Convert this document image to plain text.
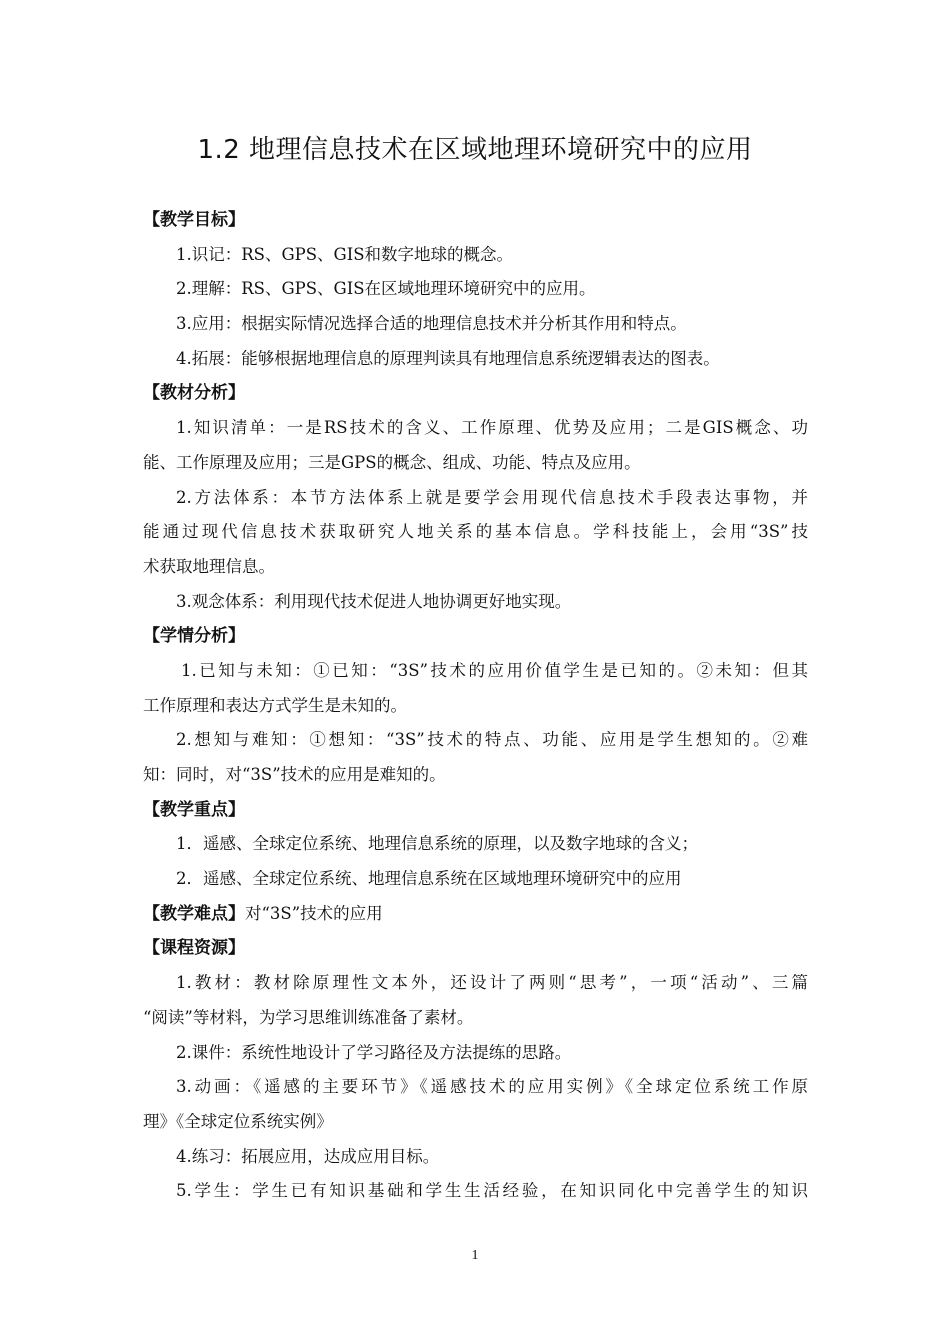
1.2 地理信息技术在区域地理环境研究中的应用
【教学目标】
1.识记：RS、GPS、GIS和数字地球的概念。
2.理解：RS、GPS、GIS在区域地理环境研究中的应用。
3.应用：根据实际情况选择合适的地理信息技术并分析其作用和特点。
4.拓展：能够根据地理信息的原理判读具有地理信息系统逻辑表达的图表。
【教材分析】
1.知识清单：一是RS技术的含义、工作原理、优势及应用；二是GIS概念、功
能、工作原理及应用；三是GPS的概念、组成、功能、特点及应用。
2.方法体系：本节方法体系上就是要学会用现代信息技术手段表达事物，并
能通过现代信息技术获取研究人地关系的基本信息。学科技能上，会用“3S”技
术获取地理信息。
3.观念体系：利用现代技术促进人地协调更好地实现。
【学情分析】
1.已知与未知：①已知：“3S”技术的应用价值学生是已知的。②未知：但其
工作原理和表达方式学生是未知的。
2.想知与难知：①想知：“3S”技术的特点、功能、应用是学生想知的。②难
知：同时，对“3S”技术的应用是难知的。
【教学重点】
1．遥感、全球定位系统、地理信息系统的原理，以及数字地球的含义；
2．遥感、全球定位系统、地理信息系统在区域地理环境研究中的应用
【教学难点】对“3S”技术的应用
【课程资源】
1.教材：教材除原理性文本外，还设计了两则“思考”，一项“活动”、三篇
“阅读”等材料，为学习思维训练准备了素材。
2.课件：系统性地设计了学习路径及方法提练的思路。
3.动画：《遥感的主要环节》《遥感技术的应用实例》《全球定位系统工作原
理》《全球定位系统实例》
4.练习：拓展应用，达成应用目标。
5.学生：学生已有知识基础和学生生活经验，在知识同化中完善学生的知识
1
